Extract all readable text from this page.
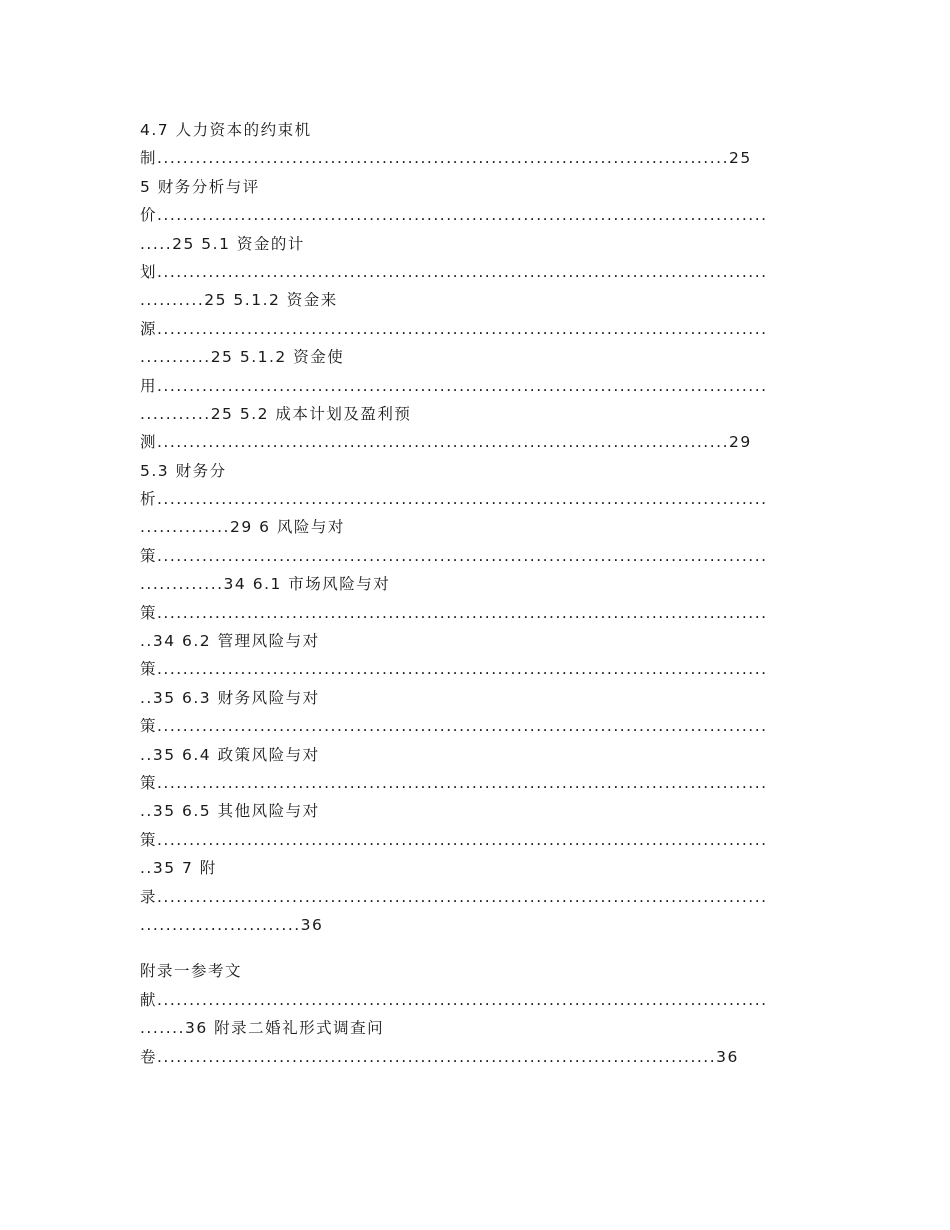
4.7 人力资本的约束机
制.........................................................................................25
5 财务分析与评
价...............................................................................................
.....25 5.1 资金的计
划...............................................................................................
..........25 5.1.2 资金来
源...............................................................................................
...........25 5.1.2 资金使
用...............................................................................................
...........25 5.2 成本计划及盈利预
测.........................................................................................29
5.3 财务分
析...............................................................................................
..............29 6 风险与对
策...............................................................................................
.............34 6.1 市场风险与对
策...............................................................................................
..34 6.2 管理风险与对
策...............................................................................................
..35 6.3 财务风险与对
策...............................................................................................
..35 6.4 政策风险与对
策...............................................................................................
..35 6.5 其他风险与对
策...............................................................................................
..35 7 附
录...............................................................................................
.........................36
附录一参考文
献...............................................................................................
.......36 附录二婚礼形式调查问
卷.......................................................................................36
